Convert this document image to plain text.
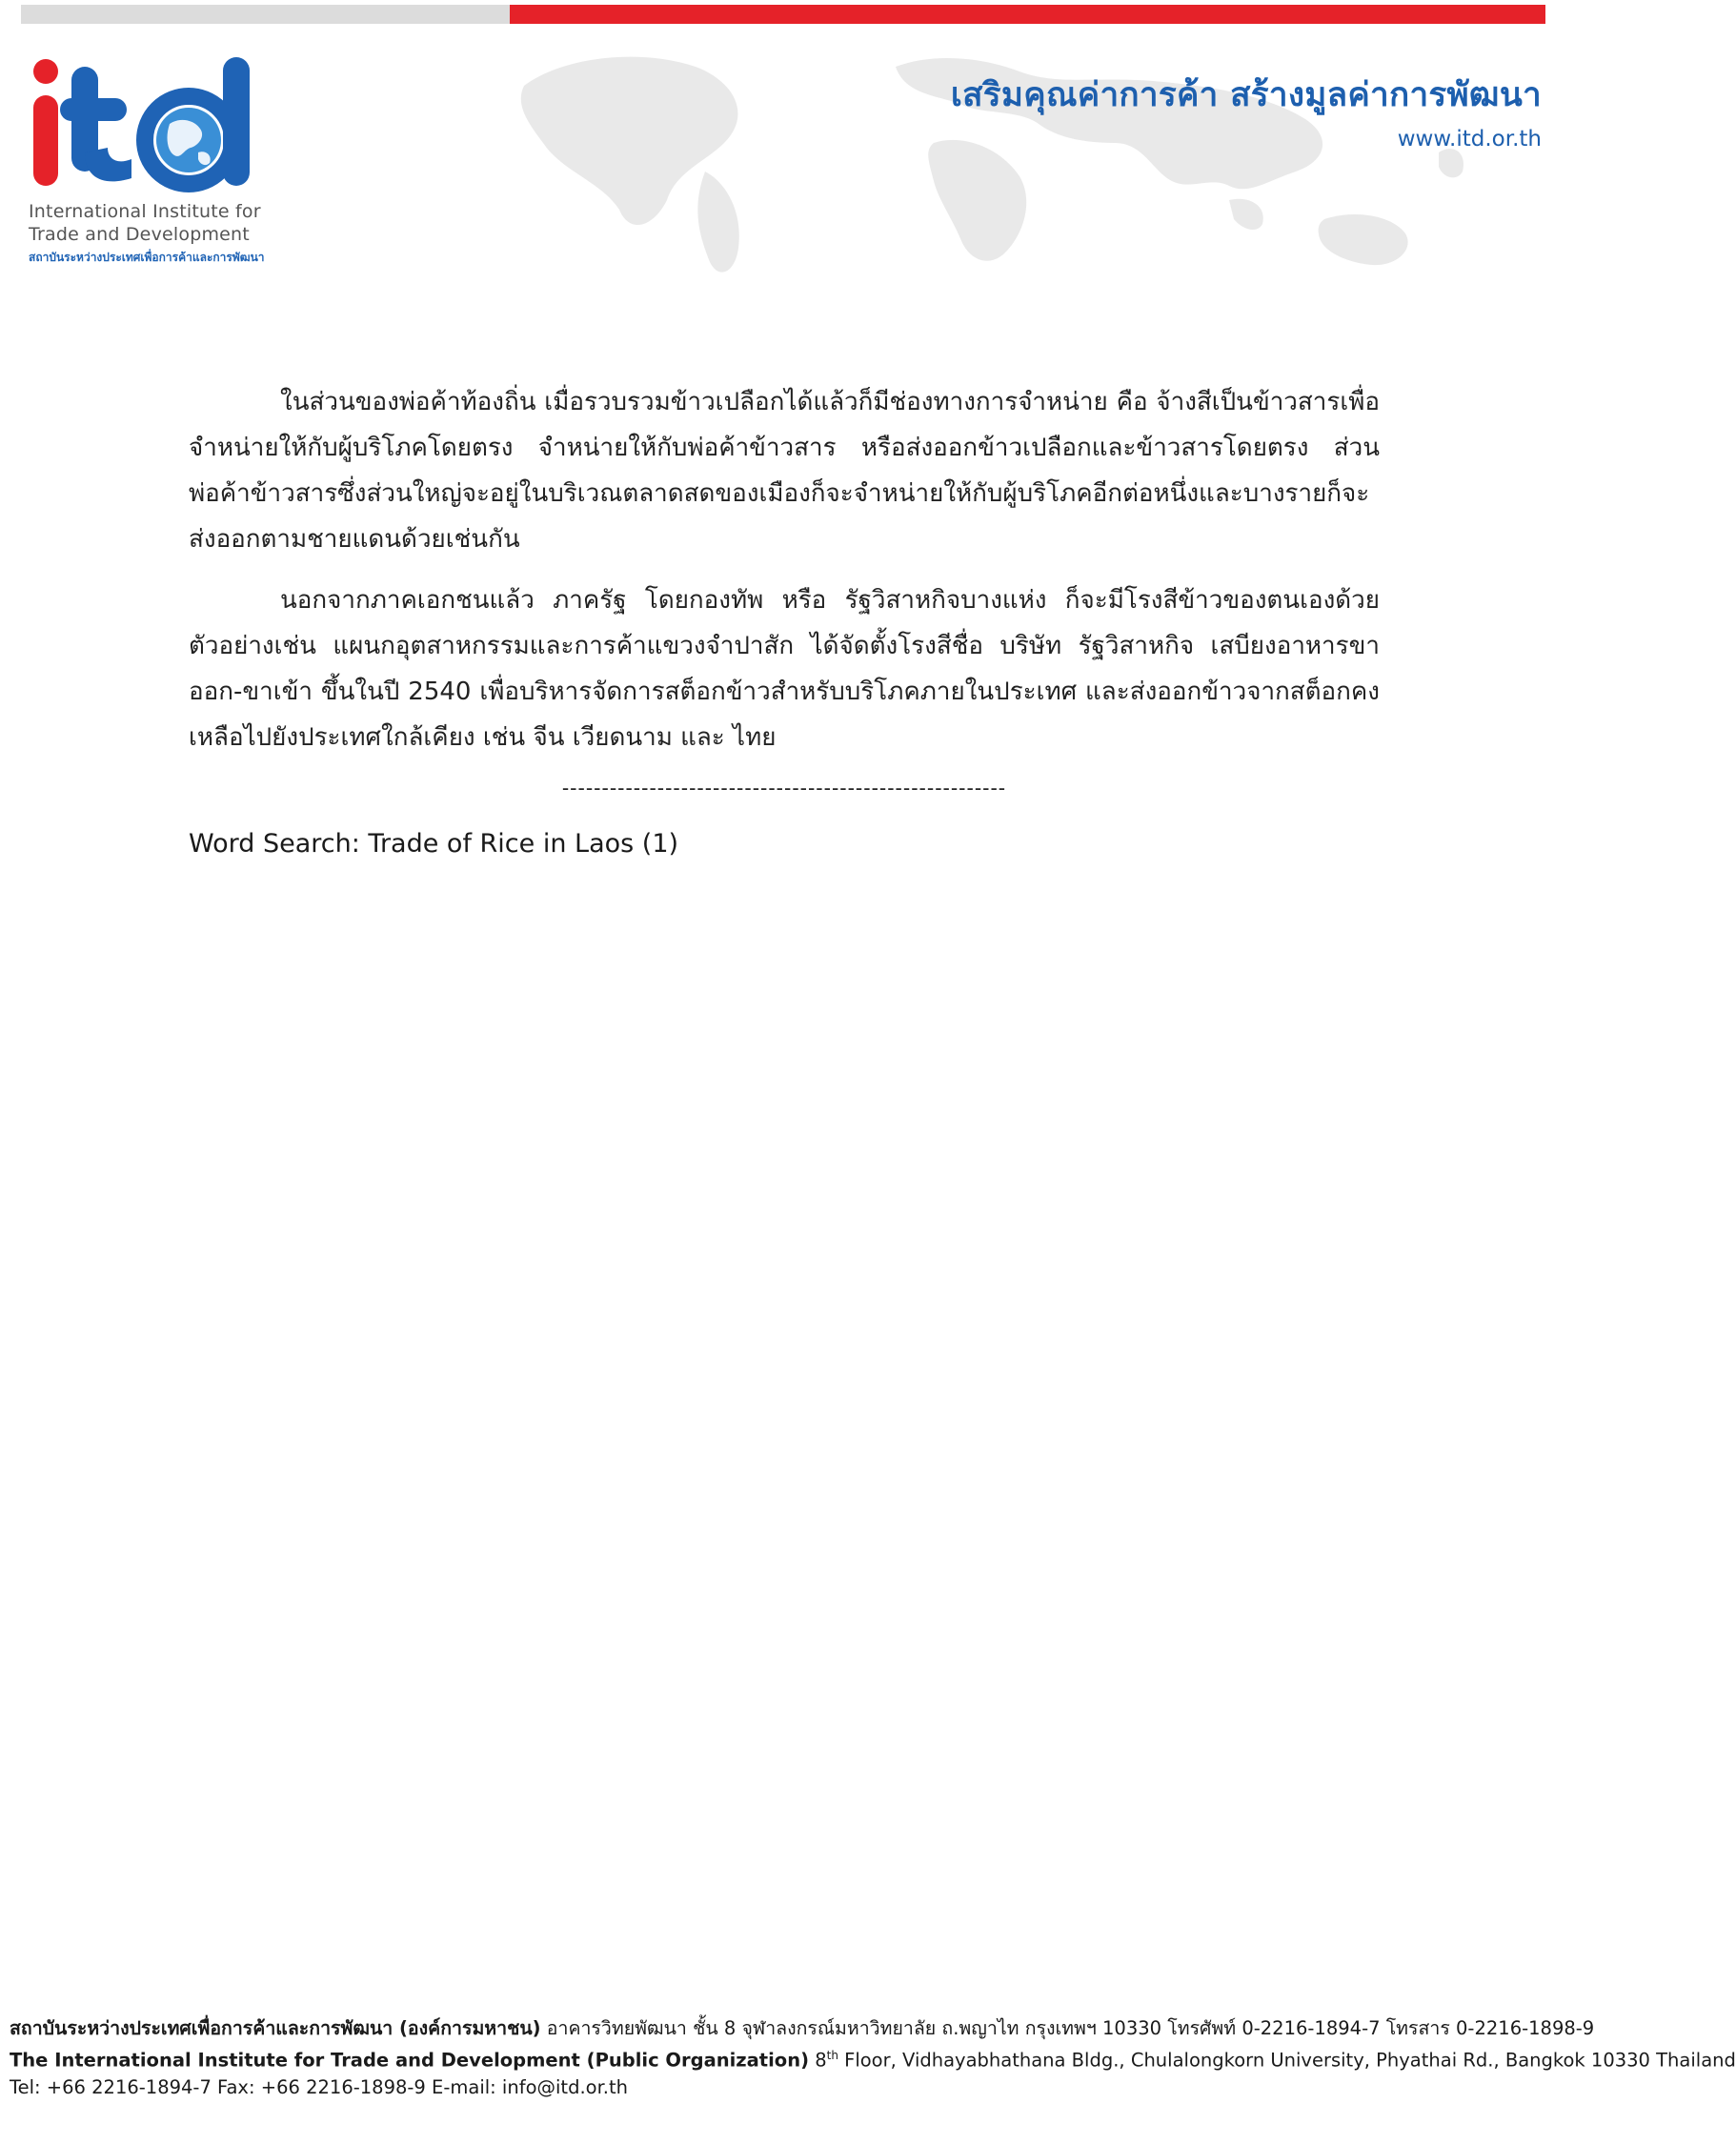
International Institute for
Trade and Development
สถาบันระหว่างประเทศเพื่อการค้าและการพัฒนา
เสริมคุณค่าการค้า สร้างมูลค่าการพัฒนา
www.itd.or.th

ในส่วนของพ่อค้าท้องถิ่น เมื่อรวบรวมข้าวเปลือกได้แล้วก็มีช่องทางการจำหน่าย คือ จ้างสีเป็นข้าวสารเพื่อจำหน่ายให้กับผู้บริโภคโดยตรง จำหน่ายให้กับพ่อค้าข้าวสาร หรือส่งออกข้าวเปลือกและข้าวสารโดยตรง ส่วนพ่อค้าข้าวสารซึ่งส่วนใหญ่จะอยู่ในบริเวณตลาดสดของเมืองก็จะจำหน่ายให้กับผู้บริโภคอีกต่อหนึ่งและบางรายก็จะส่งออกตามชายแดนด้วยเช่นกัน

นอกจากภาคเอกชนแล้ว ภาครัฐ โดยกองทัพ หรือ รัฐวิสาหกิจบางแห่ง ก็จะมีโรงสีข้าวของตนเองด้วยตัวอย่างเช่น แผนกอุตสาหกรรมและการค้าแขวงจำปาสัก ได้จัดตั้งโรงสีชื่อ บริษัท รัฐวิสาหกิจ เสบียงอาหารขาออก-ขาเข้า ขึ้นในปี 2540 เพื่อบริหารจัดการสต็อกข้าวสำหรับบริโภคภายในประเทศ และส่งออกข้าวจากสต็อกคงเหลือไปยังประเทศใกล้เคียง เช่น จีน เวียดนาม และ ไทย

--------------------------------------------------------
Word Search: Trade of Rice in Laos (1)
สถาบันระหว่างประเทศเพื่อการค้าและการพัฒนา (องค์การมหาชน) อาคารวิทยพัฒนา ชั้น 8 จุฬาลงกรณ์มหาวิทยาลัย ถ.พญาไท กรุงเทพฯ 10330 โทรศัพท์ 0-2216-1894-7 โทรสาร 0-2216-1898-9
The International Institute for Trade and Development (Public Organization) 8th Floor, Vidhayabhathana Bldg., Chulalongkorn University, Phyathai Rd., Bangkok 10330 Thailand
Tel: +66 2216-1894-7 Fax: +66 2216-1898-9 E-mail: info@itd.or.th
